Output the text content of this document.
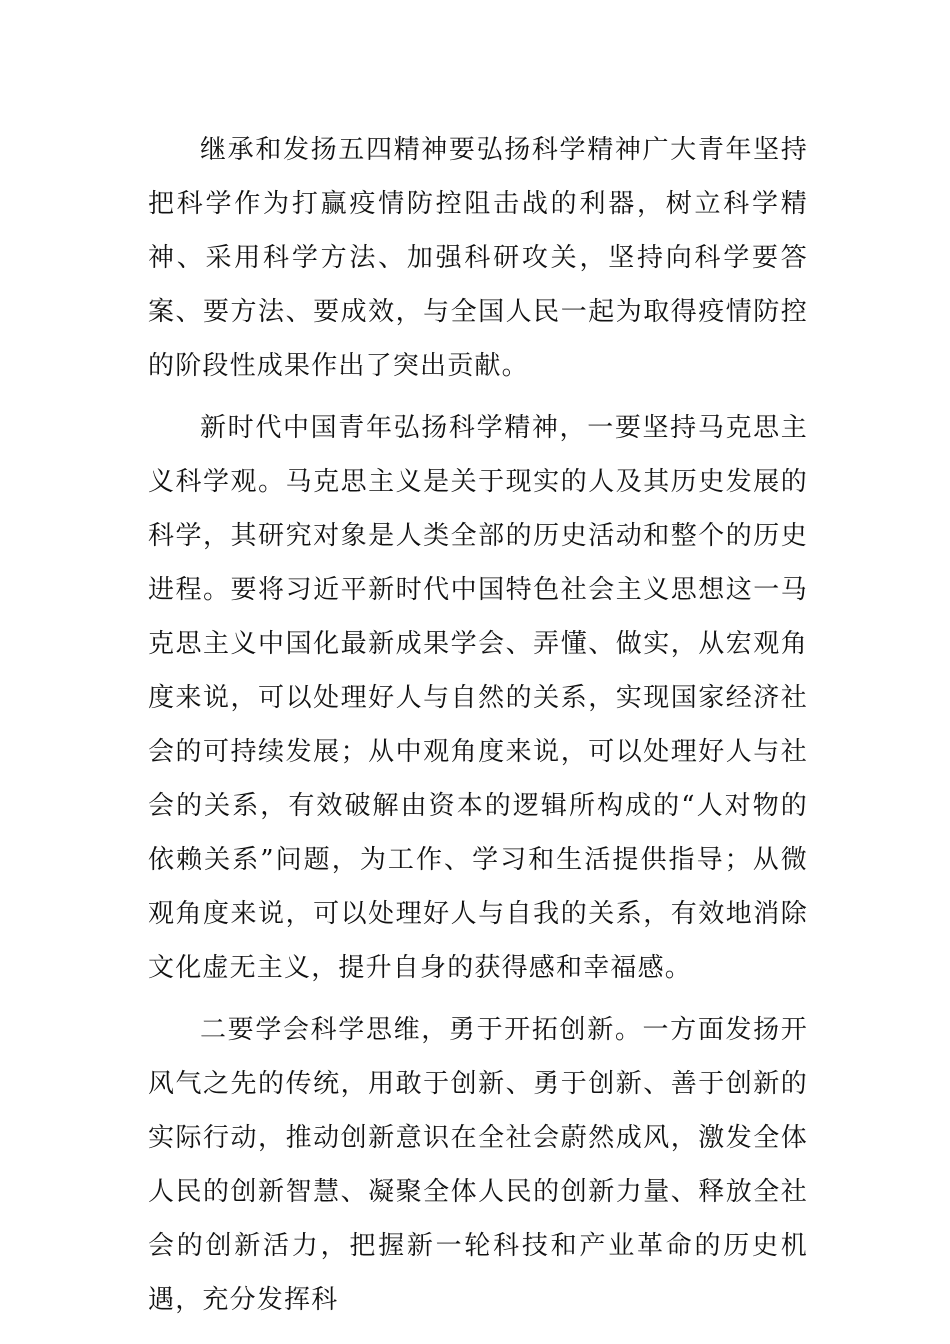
继承和发扬五四精神要弘扬科学精神广大青年坚持把科学作为打赢疫情防控阻击战的利器，树立科学精神、采用科学方法、加强科研攻关，坚持向科学要答案、要方法、要成效，与全国人民一起为取得疫情防控的阶段性成果作出了突出贡献。

新时代中国青年弘扬科学精神，一要坚持马克思主义科学观。马克思主义是关于现实的人及其历史发展的科学，其研究对象是人类全部的历史活动和整个的历史进程。要将习近平新时代中国特色社会主义思想这一马克思主义中国化最新成果学会、弄懂、做实，从宏观角度来说，可以处理好人与自然的关系，实现国家经济社会的可持续发展；从中观角度来说，可以处理好人与社会的关系，有效破解由资本的逻辑所构成的“人对物的依赖关系”问题，为工作、学习和生活提供指导；从微观角度来说，可以处理好人与自我的关系，有效地消除文化虚无主义，提升自身的获得感和幸福感。

二要学会科学思维，勇于开拓创新。一方面发扬开风气之先的传统，用敢于创新、勇于创新、善于创新的实际行动，推动创新意识在全社会蔚然成风，激发全体人民的创新智慧、凝聚全体人民的创新力量、释放全社会的创新活力，把握新一轮科技和产业革命的历史机遇，充分发挥科
